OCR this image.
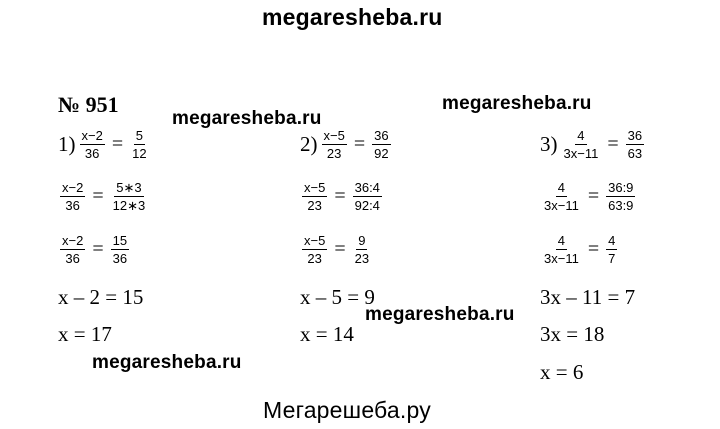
megaresheba.ru
megaresheba.ru
megaresheba.ru
megaresheba.ru
megaresheba.ru
Мегарешеба.ру
№ 951
$1) \frac{x-2}{36} = \frac{5}{12}$
$\frac{x-2}{36} = \frac{5∗3}{12∗3}$
$\frac{x-2}{36} = \frac{15}{36}$
x – 2 = 15
x = 17
$2) \frac{x-5}{23} = \frac{36}{92}$
$\frac{x-5}{23} = \frac{36:4}{92:4}$
$\frac{x-5}{23} = \frac{9}{23}$
x – 5 = 9
x = 14
$3) \frac{4}{3x-11} = \frac{36}{63}$
$\frac{4}{3x-11} = \frac{36:9}{63:9}$
$\frac{4}{3x-11} = \frac{4}{7}$
3x – 11 = 7
3x = 18
x = 6
